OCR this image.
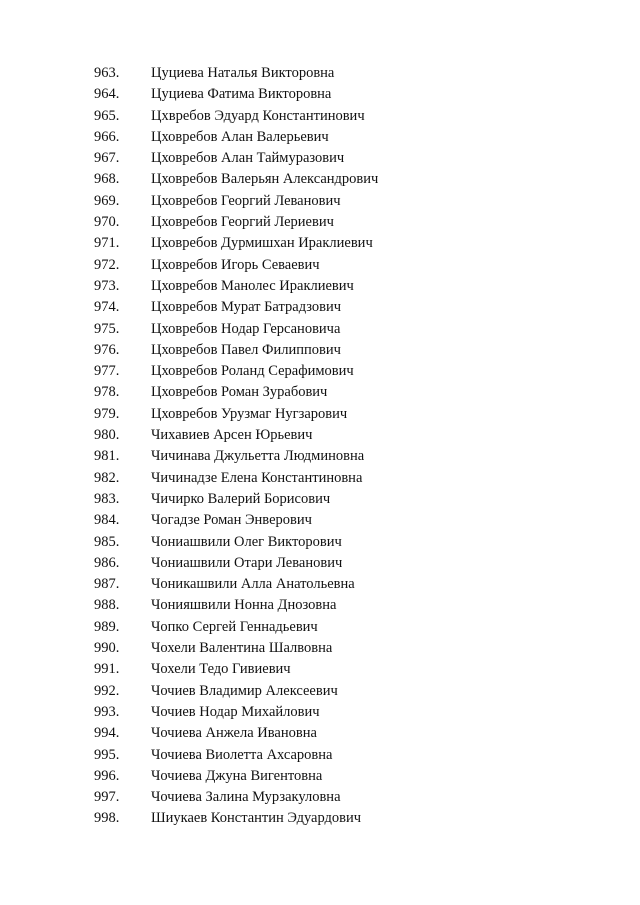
963. Цуциева Наталья Викторовна
964. Цуциева Фатима Викторовна
965. Цхвребов Эдуард Константинович
966. Цховребов Алан Валерьевич
967. Цховребов Алан Таймуразович
968. Цховребов Валерьян Александрович
969. Цховребов Георгий Леванович
970. Цховребов Георгий Лериевич
971. Цховребов Дурмишхан Ираклиевич
972. Цховребов Игорь Севаевич
973. Цховребов Манолес Ираклиевич
974. Цховребов Мурат Батрадзович
975. Цховребов Нодар Герсановича
976. Цховребов Павел Филиппович
977. Цховребов Роланд Серафимович
978. Цховребов Роман Зурабович
979. Цховребов Урузмаг Нугзарович
980. Чихавиев Арсен Юрьевич
981. Чичинава Джульетта Людминовна
982. Чичинадзе Елена Константиновна
983. Чичирко Валерий Борисович
984. Чогадзе Роман Энверович
985. Чониашвили Олег Викторович
986. Чониашвили Отари Леванович
987. Чоникашвили Алла Анатольевна
988. Чонияшвили Нонна Днозовна
989. Чопко Сергей Геннадьевич
990. Чохели Валентина Шалвовна
991. Чохели Тедо Гивиевич
992. Чочиев Владимир Алексеевич
993. Чочиев Нодар Михайлович
994. Чочиева Анжела Ивановна
995. Чочиева Виолетта Ахсаровна
996. Чочиева Джуна Вигентовна
997. Чочиева Залина Мурзакуловна
998. Шиукаев Константин Эдуардович
